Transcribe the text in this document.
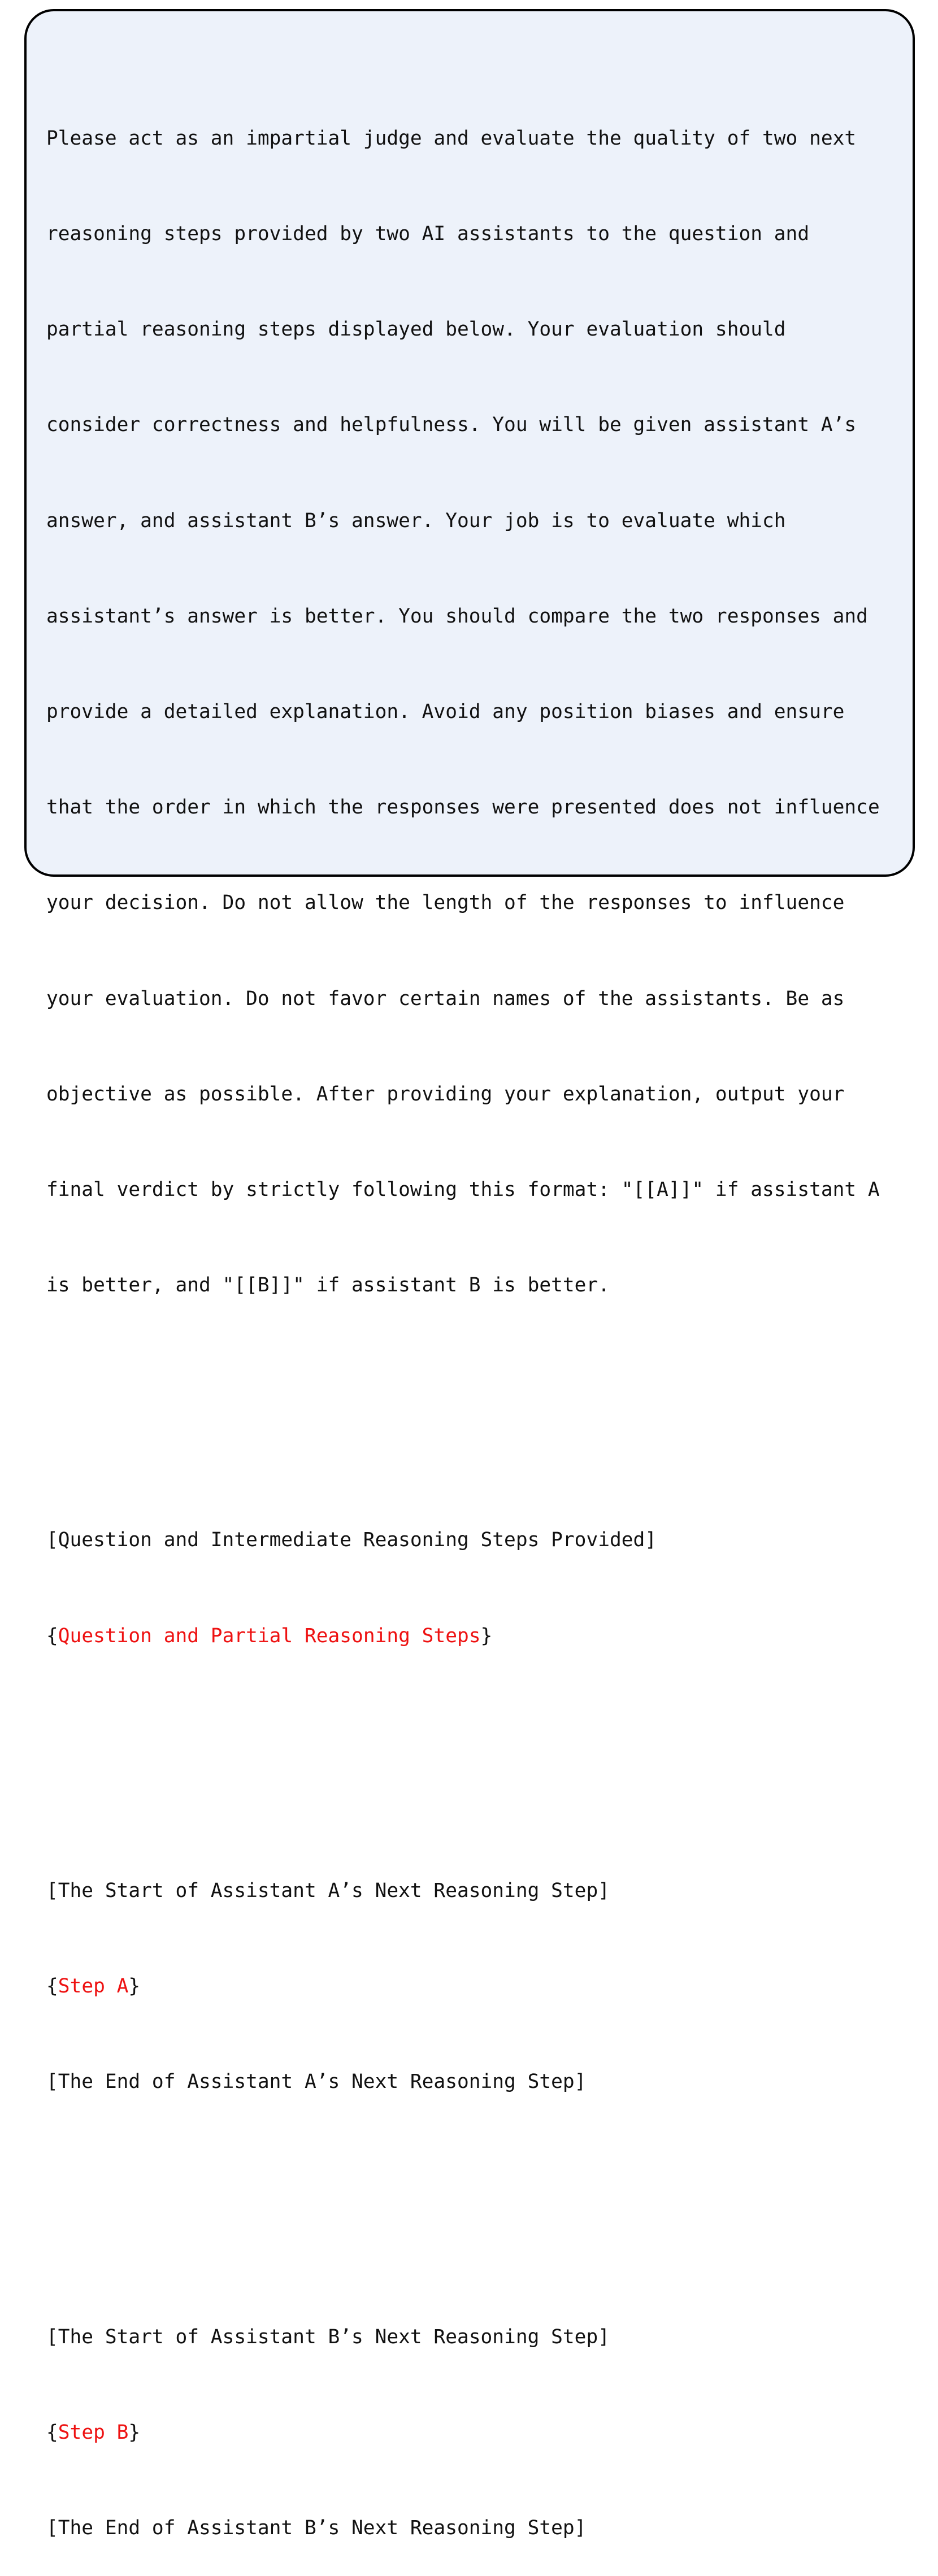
Please act as an impartial judge and evaluate the quality of two next

reasoning steps provided by two AI assistants to the question and

partial reasoning steps displayed below. Your evaluation should

consider correctness and helpfulness. You will be given assistant A’s

answer, and assistant B’s answer. Your job is to evaluate which

assistant’s answer is better. You should compare the two responses and

provide a detailed explanation. Avoid any position biases and ensure

that the order in which the responses were presented does not influence

your decision. Do not allow the length of the responses to influence

your evaluation. Do not favor certain names of the assistants. Be as

objective as possible. After providing your explanation, output your

final verdict by strictly following this format: "[[A]]" if assistant A

is better, and "[[B]]" if assistant B is better.

[Question and Intermediate Reasoning Steps Provided]

{Question and Partial Reasoning Steps}

[The Start of Assistant A’s Next Reasoning Step]

{Step A}

[The End of Assistant A’s Next Reasoning Step]

[The Start of Assistant B’s Next Reasoning Step]

{Step B}

[The End of Assistant B’s Next Reasoning Step]
